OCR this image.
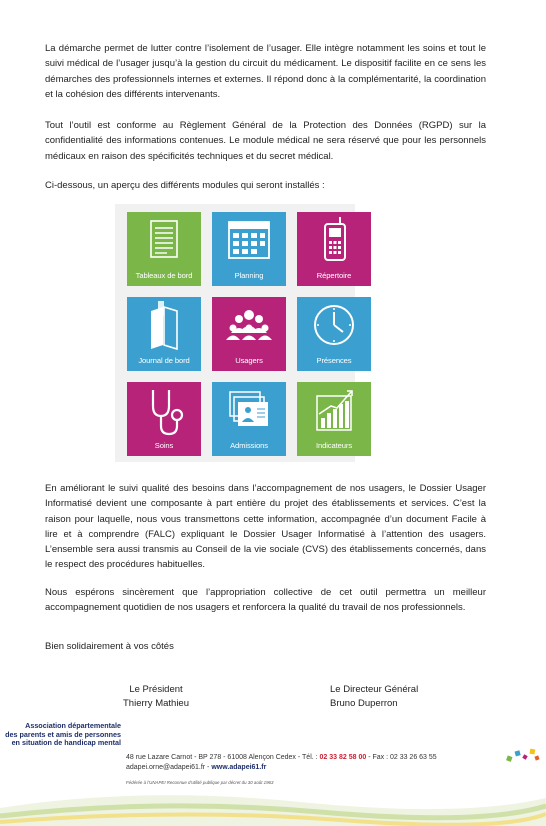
La démarche permet de lutter contre l’isolement de l’usager. Elle intègre notamment les soins et tout le suivi médical de l’usager jusqu’à la gestion du circuit du médicament. Le dispositif facilite en ce sens les démarches des professionnels internes et externes. Il répond donc à la complémentarité, la coordination et la cohésion des différents intervenants.

Tout l’outil est conforme au Règlement Général de la Protection des Données (RGPD) sur la confidentialité des informations contenues. Le module médical ne sera réservé que pour les personnels médicaux en raison des spécificités techniques et du secret médical.

Ci-dessous, un aperçu des différents modules qui seront installés :

Tableaux de bord	Planning	Répertoire
Journal de bord	Usagers	Présences
Soins	Admissions	Indicateurs

En améliorant le suivi qualité des besoins dans l’accompagnement de nos usagers, le Dossier Usager Informatisé devient une composante à part entière du projet des établissements et services. C’est la raison pour laquelle, nous vous transmettons cette information, accompagnée d’un document Facile à lire et à comprendre (FALC) expliquant le Dossier Usager Informatisé à l’attention des usagers. L’ensemble sera aussi transmis au Conseil de la vie sociale (CVS) des établissements concernés, dans le respect des procédures habituelles.

Nous espérons sincèrement que l’appropriation collective de cet outil permettra un meilleur accompagnement quotidien de nos usagers et renforcera la qualité du travail de nos professionnels.

Bien solidairement à vos côtés

Le Président
Thierry Mathieu
Le Directeur Général
Bruno Duperron
Association départementale
des parents et amis de personnes
en situation de handicap mental
48 rue Lazare Carnot - BP 278 - 61008 Alençon Cedex - Tél. : 02 33 82 58 00 - Fax : 02 33 26 63 55
adapei.orne@adapei61.fr - www.adapei61.fr
Fédérée à l’UNAPEI Reconnue d’utilité publique par décret du 30 août 1963
